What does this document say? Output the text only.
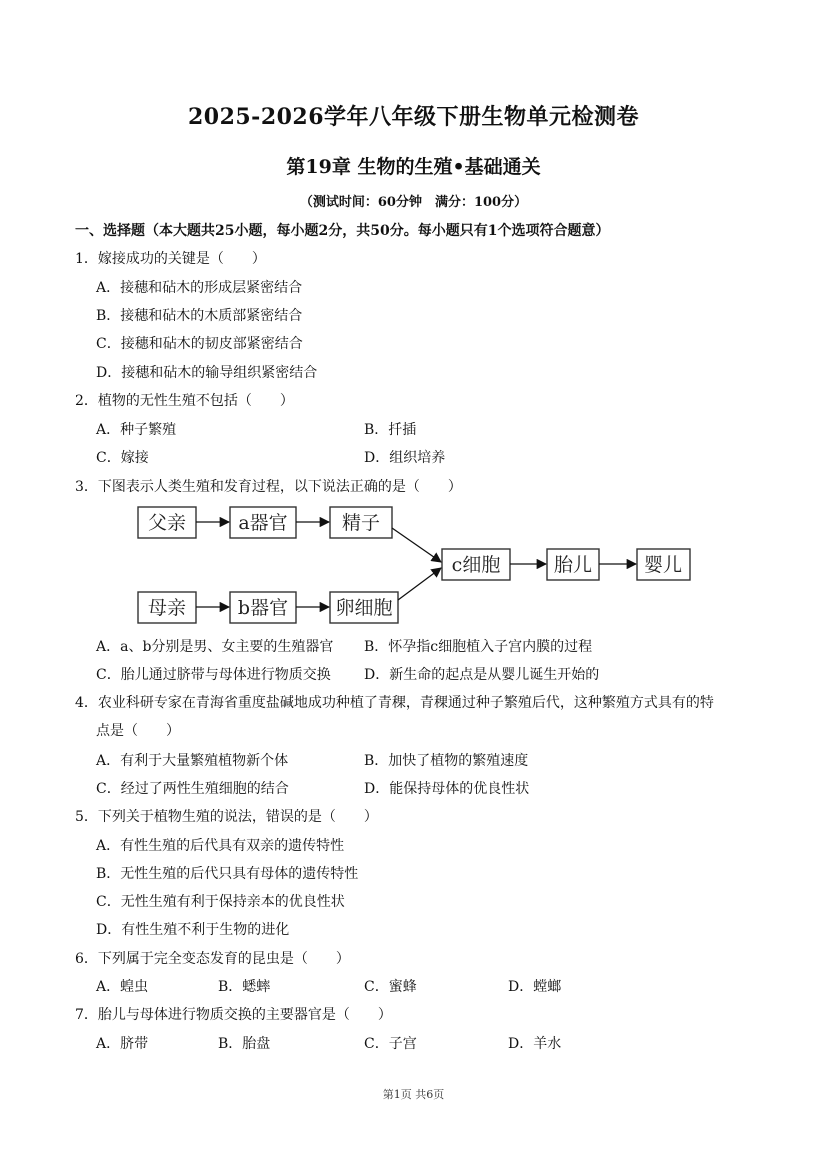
2025-2026学年八年级下册生物单元检测卷
第19章 生物的生殖•基础通关
（测试时间：60分钟　满分：100分）
一、选择题（本大题共25小题，每小题2分，共50分。每小题只有1个选项符合题意）
1．嫁接成功的关键是（　　）
A．接穗和砧木的形成层紧密结合
B．接穗和砧木的木质部紧密结合
C．接穗和砧木的韧皮部紧密结合
D．接穗和砧木的输导组织紧密结合
2．植物的无性生殖不包括（　　）
A．种子繁殖	B．扦插
C．嫁接	D．组织培养
3．下图表示人类生殖和发育过程，以下说法正确的是（　　）
父亲	a器官	精子
c细胞	胎儿	婴儿
母亲	b器官 卵细胞
A．a、b分别是男、女主要的生殖器官 B．怀孕指c细胞植入子宫内膜的过程
C．胎儿通过脐带与母体进行物质交换 D．新生命的起点是从婴儿诞生开始的
4．农业科研专家在青海省重度盐碱地成功种植了青稞，青稞通过种子繁殖后代，这种繁殖方式具有的特
点是（　　）
A．有利于大量繁殖植物新个体	B．加快了植物的繁殖速度
C．经过了两性生殖细胞的结合	D．能保持母体的优良性状
5．下列关于植物生殖的说法，错误的是（　　）
A．有性生殖的后代具有双亲的遗传特性
B．无性生殖的后代只具有母体的遗传特性
C．无性生殖有利于保持亲本的优良性状
D．有性生殖不利于生物的进化
6．下列属于完全变态发育的昆虫是（　　）
A．蝗虫	B．蟋蟀	C．蜜蜂	D．螳螂
7．胎儿与母体进行物质交换的主要器官是（　　）
A．脐带	B．胎盘	C．子宫	D．羊水
第1页 共6页
